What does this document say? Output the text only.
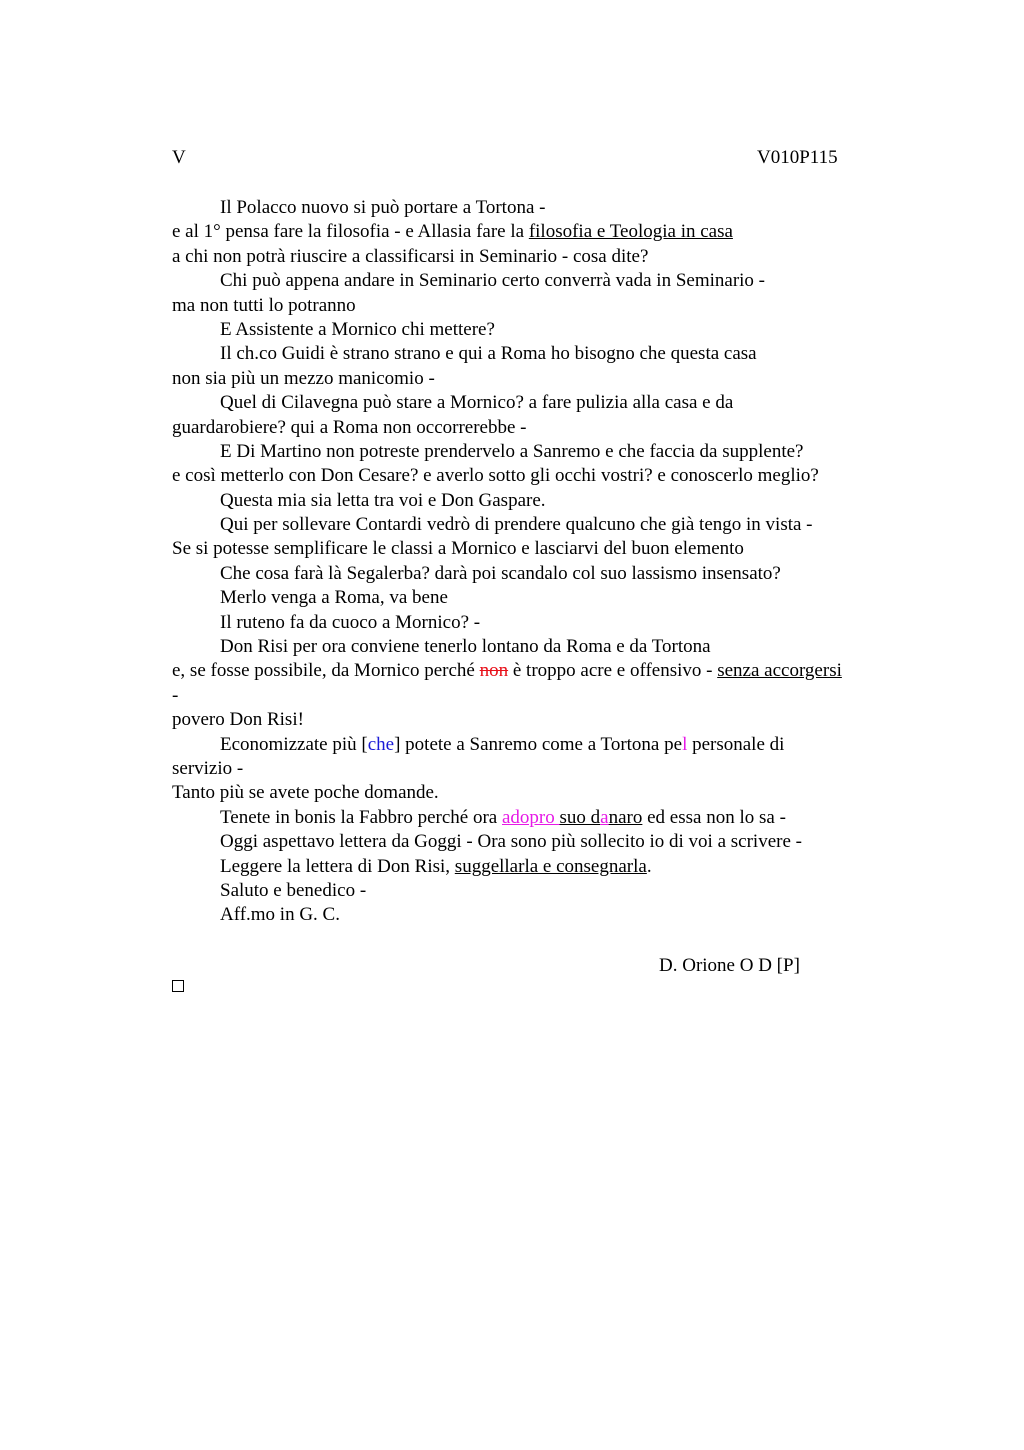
V	V010P115
Il Polacco nuovo si può portare a Tortona -
e al 1° pensa fare la filosofia - e Allasia fare la filosofia e Teologia in casa
a chi non potrà riuscire a classificarsi in Seminario - cosa dite?
Chi può appena andare in Seminario certo converrà vada in Seminario -
ma non tutti lo potranno
E Assistente a Mornico chi mettere?
Il ch.co Guidi è strano strano e qui a Roma ho bisogno che questa casa
non sia più un mezzo manicomio -
Quel di Cilavegna può stare a Mornico? a fare pulizia alla casa e da
guardarobiere? qui a Roma non occorrerebbe -
E Di Martino non potreste prendervelo a Sanremo e che faccia da supplente?
e così metterlo con Don Cesare? e averlo sotto gli occhi vostri? e conoscerlo meglio?
Questa mia sia letta tra voi e Don Gaspare.
Qui per sollevare Contardi vedrò di prendere qualcuno che già tengo in vista -
Se si potesse semplificare le classi a Mornico e lasciarvi del buon elemento
Che cosa farà là Segalerba? darà poi scandalo col suo lassismo insensato?
Merlo venga a Roma, va bene
Il ruteno fa da cuoco a Mornico? -
Don Risi per ora conviene tenerlo lontano da Roma e da Tortona
e, se fosse possibile, da Mornico perché non è troppo acre e offensivo - senza accorgersi
-
povero Don Risi!
Economizzate più [che] potete a Sanremo come a Tortona pel personale di
servizio -
Tanto più se avete poche domande.
Tenete in bonis la Fabbro perché ora adopro suo danaro ed essa non lo sa -
Oggi aspettavo lettera da Goggi - Ora sono più sollecito io di voi a scrivere -
Leggere la lettera di Don Risi, suggellarla e consegnarla.
Saluto e benedico -
Aff.mo in G. C.
D. Orione O D [P]
